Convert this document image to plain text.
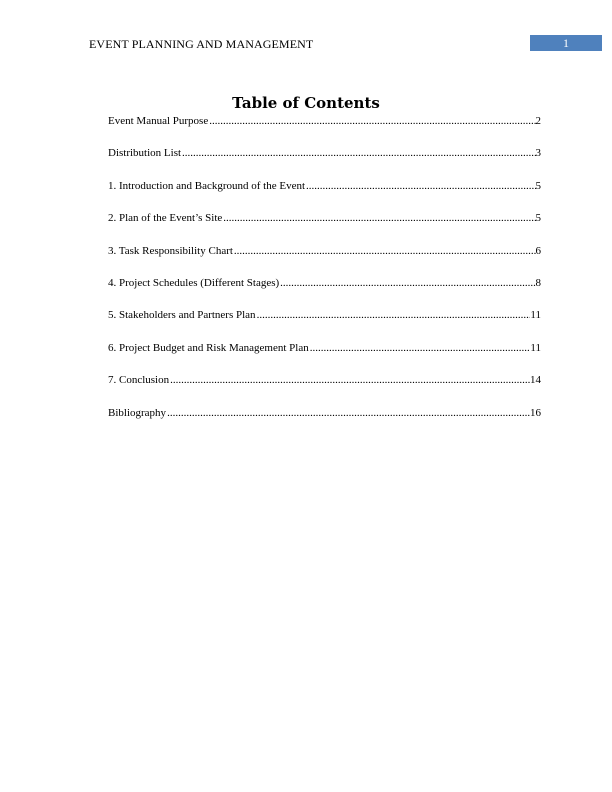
EVENT PLANNING AND MANAGEMENT	1
Table of Contents
Event Manual Purpose .....	2
Distribution List .....	3
1. Introduction and Background of the Event .....	5
2. Plan of the Event’s Site .....	5
3. Task Responsibility Chart .....	6
4. Project Schedules (Different Stages) .....	8
5. Stakeholders and Partners Plan .....	11
6. Project Budget and Risk Management Plan .....	11
7. Conclusion .....	14
Bibliography .....	16
